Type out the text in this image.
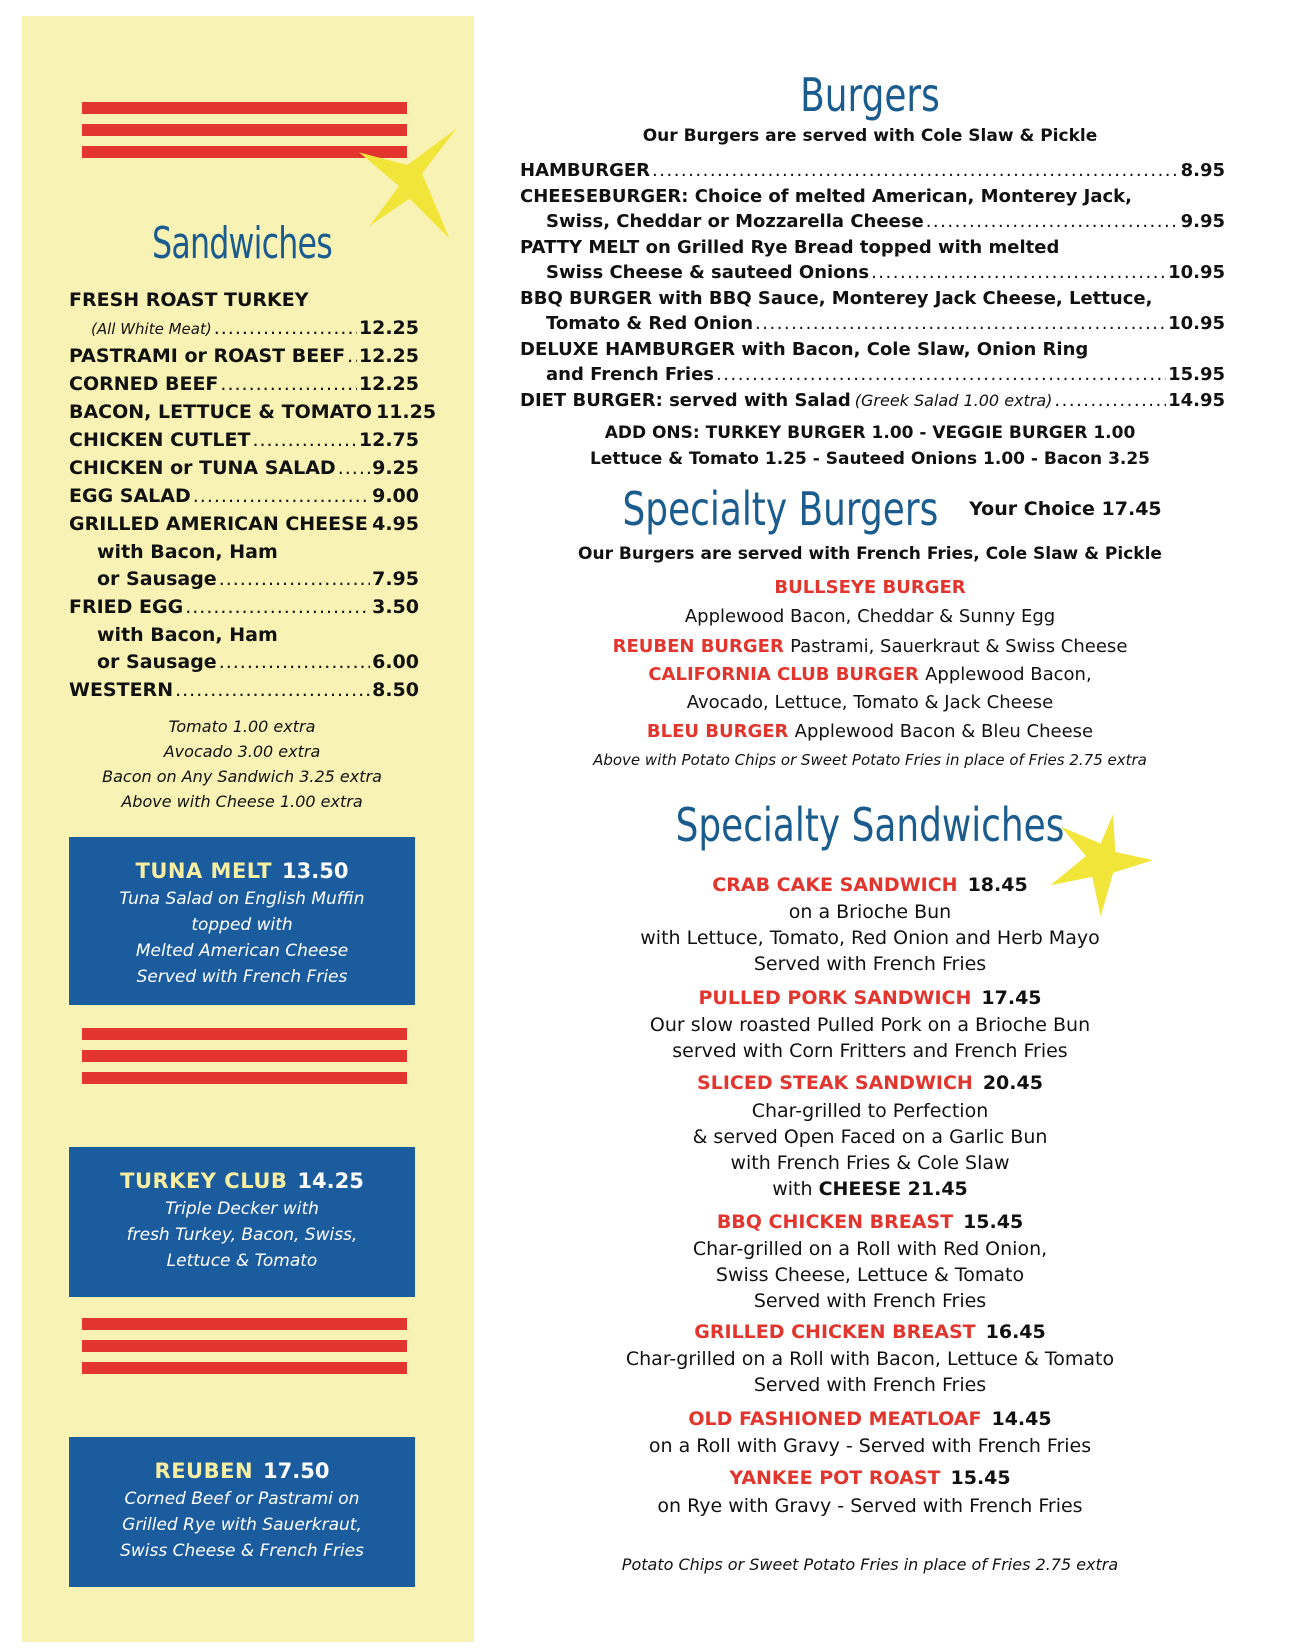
Sandwiches
FRESH ROAST TURKEY
(All White Meat) .....	12.25
PASTRAMI or ROAST BEEF ..... 12.25
CORNED BEEF .....	12.25
BACON, LETTUCE & TOMATO 11.25
CHICKEN CUTLET .....	12.75
CHICKEN or TUNA SALAD ..... 9.25
EGG SALAD .....	9.00
GRILLED AMERICAN CHEESE ..... 4.95
with Bacon, Ham
or Sausage .....	7.95
FRIED EGG .....	3.50
with Bacon, Ham
or Sausage .....	6.00
WESTERN .....	8.50
Tomato 1.00 extra
Avocado 3.00 extra
Bacon on Any Sandwich 3.25 extra
Above with Cheese 1.00 extra
TUNA MELT 13.50
Tuna Salad on English Muffin
topped with
Melted American Cheese
Served with French Fries
TURKEY CLUB 14.25
Triple Decker with
fresh Turkey, Bacon, Swiss,
Lettuce & Tomato
REUBEN 17.50
Corned Beef or Pastrami on
Grilled Rye with Sauerkraut,
Swiss Cheese & French Fries
Burgers
Our Burgers are served with Cole Slaw & Pickle
HAMBURGER .....	8.95
CHEESEBURGER: Choice of melted American, Monterey Jack,
Swiss, Cheddar or Mozzarella Cheese .....	9.95
PATTY MELT on Grilled Rye Bread topped with melted
Swiss Cheese & sauteed Onions .....	10.95
BBQ BURGER with BBQ Sauce, Monterey Jack Cheese, Lettuce,
Tomato & Red Onion .....	10.95
DELUXE HAMBURGER with Bacon, Cole Slaw, Onion Ring
and French Fries .....	15.95
DIET BURGER: served with Salad (Greek Salad 1.00 extra) .....	14.95
ADD ONS: TURKEY BURGER 1.00 - VEGGIE BURGER 1.00
Lettuce & Tomato 1.25 - Sauteed Onions 1.00 - Bacon 3.25
Specialty Burgers Your Choice 17.45
Our Burgers are served with French Fries, Cole Slaw & Pickle
BULLSEYE BURGER
Applewood Bacon, Cheddar & Sunny Egg
REUBEN BURGER Pastrami, Sauerkraut & Swiss Cheese
CALIFORNIA CLUB BURGER Applewood Bacon,
Avocado, Lettuce, Tomato & Jack Cheese
BLEU BURGER Applewood Bacon & Bleu Cheese
Above with Potato Chips or Sweet Potato Fries in place of Fries 2.75 extra
Specialty Sandwiches
CRAB CAKE SANDWICH 18.45
on a Brioche Bun
with Lettuce, Tomato, Red Onion and Herb Mayo
Served with French Fries
PULLED PORK SANDWICH 17.45
Our slow roasted Pulled Pork on a Brioche Bun
served with Corn Fritters and French Fries
SLICED STEAK SANDWICH 20.45
Char-grilled to Perfection
& served Open Faced on a Garlic Bun
with French Fries & Cole Slaw
with CHEESE 21.45
BBQ CHICKEN BREAST 15.45
Char-grilled on a Roll with Red Onion,
Swiss Cheese, Lettuce & Tomato
Served with French Fries
GRILLED CHICKEN BREAST 16.45
Char-grilled on a Roll with Bacon, Lettuce & Tomato
Served with French Fries
OLD FASHIONED MEATLOAF 14.45
on a Roll with Gravy - Served with French Fries
YANKEE POT ROAST 15.45
on Rye with Gravy - Served with French Fries
Potato Chips or Sweet Potato Fries in place of Fries 2.75 extra
